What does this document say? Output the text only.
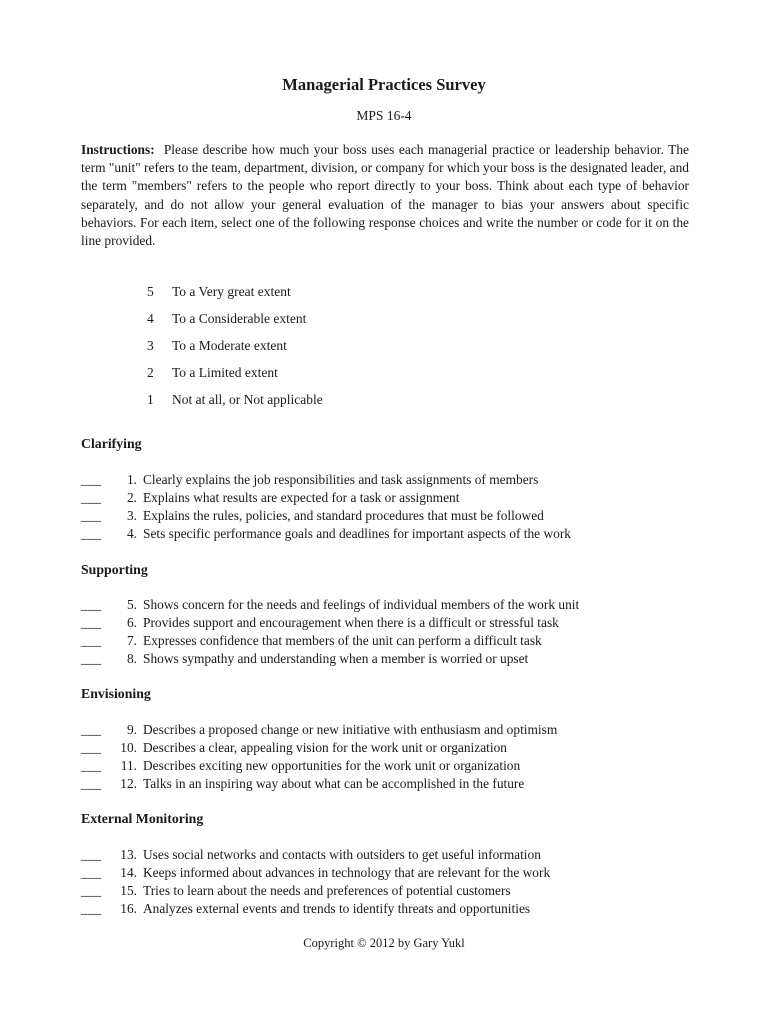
Managerial Practices Survey
MPS 16-4
Instructions: Please describe how much your boss uses each managerial practice or leadership behavior. The term "unit" refers to the team, department, division, or company for which your boss is the designated leader, and the term "members" refers to the people who report directly to your boss. Think about each type of behavior separately, and do not allow your general evaluation of the manager to bias your answers about specific behaviors. For each item, select one of the following response choices and write the number or code for it on the line provided.
5	To a Very great extent
4	To a Considerable extent
3	To a Moderate extent
2	To a Limited extent
1	Not at all, or Not applicable
Clarifying
___	1. Clearly explains the job responsibilities and task assignments of members
___	2. Explains what results are expected for a task or assignment
___	3. Explains the rules, policies, and standard procedures that must be followed
___	4. Sets specific performance goals and deadlines for important aspects of the work
Supporting
___	5. Shows concern for the needs and feelings of individual members of the work unit
___	6. Provides support and encouragement when there is a difficult or stressful task
___	7. Expresses confidence that members of the unit can perform a difficult task
___	8. Shows sympathy and understanding when a member is worried or upset
Envisioning
___	9. Describes a proposed change or new initiative with enthusiasm and optimism
___	10. Describes a clear, appealing vision for the work unit or organization
___	11. Describes exciting new opportunities for the work unit or organization
___	12. Talks in an inspiring way about what can be accomplished in the future
External Monitoring
___	13. Uses social networks and contacts with outsiders to get useful information
___	14. Keeps informed about advances in technology that are relevant for the work
___	15. Tries to learn about the needs and preferences of potential customers
___	16. Analyzes external events and trends to identify threats and opportunities
Copyright © 2012 by Gary Yukl
